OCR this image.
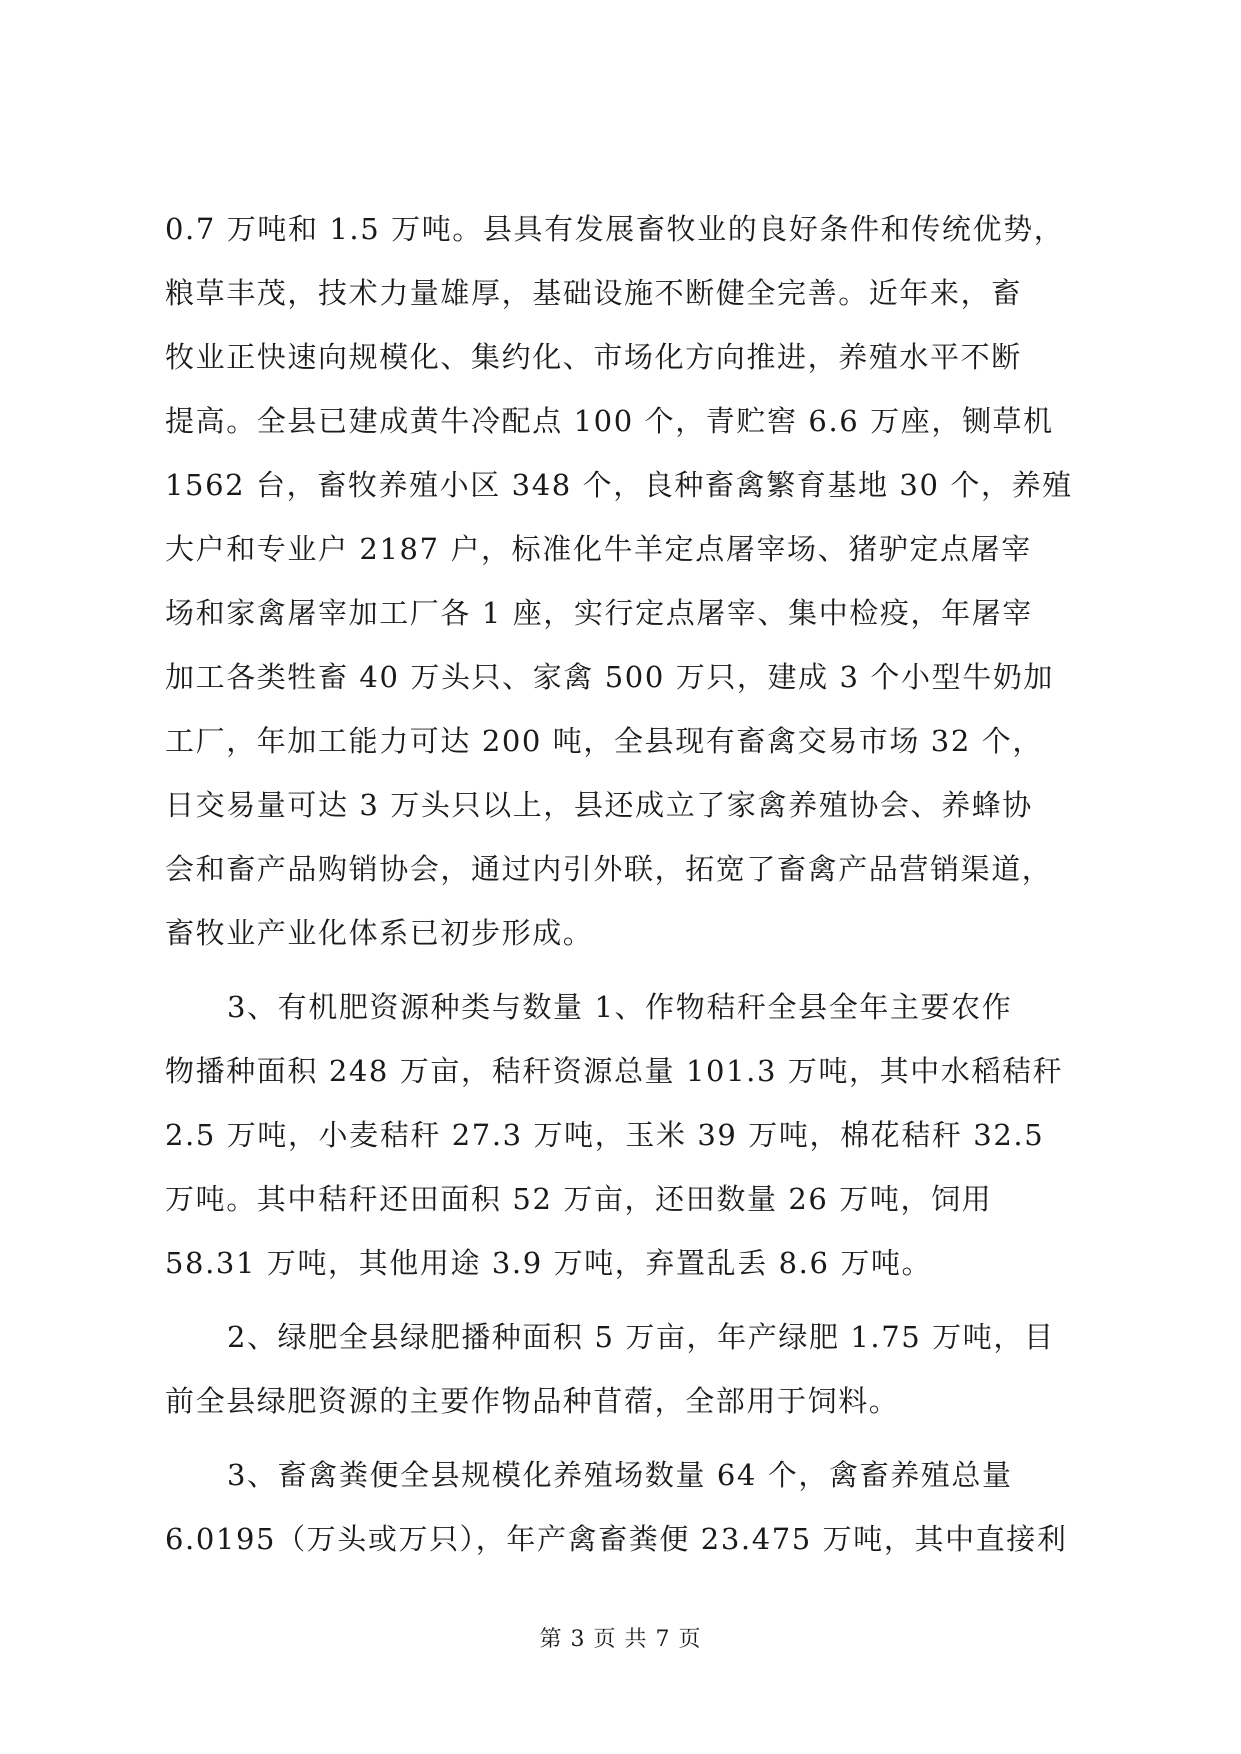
0.7 万吨和 1.5 万吨。县具有发展畜牧业的良好条件和传统优势，
粮草丰茂，技术力量雄厚，基础设施不断健全完善。近年来，畜
牧业正快速向规模化、集约化、市场化方向推进，养殖水平不断
提高。全县已建成黄牛冷配点 100 个，青贮窖 6.6 万座，铡草机
1562 台，畜牧养殖小区 348 个，良种畜禽繁育基地 30 个，养殖
大户和专业户 2187 户，标准化牛羊定点屠宰场、猪驴定点屠宰
场和家禽屠宰加工厂各 1 座，实行定点屠宰、集中检疫，年屠宰
加工各类牲畜 40 万头只、家禽 500 万只，建成 3 个小型牛奶加
工厂，年加工能力可达 200 吨，全县现有畜禽交易市场 32 个，
日交易量可达 3 万头只以上，县还成立了家禽养殖协会、养蜂协
会和畜产品购销协会，通过内引外联，拓宽了畜禽产品营销渠道，
畜牧业产业化体系已初步形成。
3、有机肥资源种类与数量 1、作物秸秆全县全年主要农作
物播种面积 248 万亩，秸秆资源总量 101.3 万吨，其中水稻秸秆
2.5 万吨，小麦秸秆 27.3 万吨，玉米 39 万吨，棉花秸秆 32.5
万吨。其中秸秆还田面积 52 万亩，还田数量 26 万吨，饲用
58.31 万吨，其他用途 3.9 万吨，弃置乱丢 8.6 万吨。
2、绿肥全县绿肥播种面积 5 万亩，年产绿肥 1.75 万吨，目
前全县绿肥资源的主要作物品种苜蓿，全部用于饲料。
3、畜禽粪便全县规模化养殖场数量 64 个，禽畜养殖总量
6.0195（万头或万只），年产禽畜粪便 23.475 万吨，其中直接利
第 3 页 共 7 页
